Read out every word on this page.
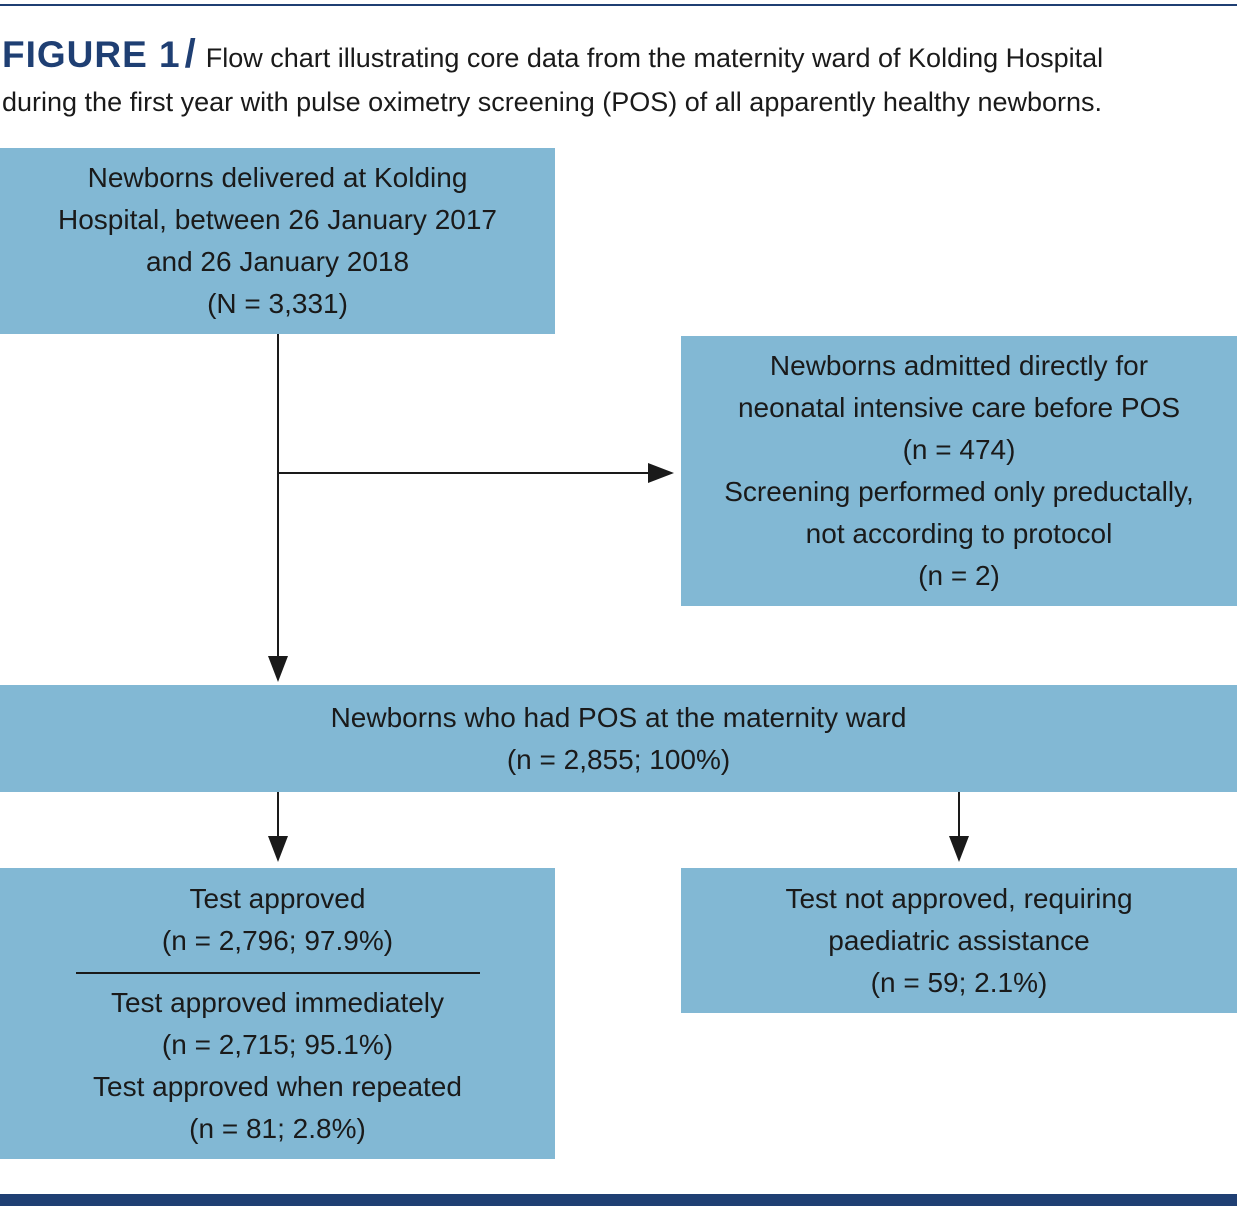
FIGURE 1 / Flow chart illustrating core data from the maternity ward of Kolding Hospital
during the first year with pulse oximetry screening (POS) of all apparently healthy newborns.
Newborns delivered at Kolding
Hospital, between 26 January 2017
and 26 January 2018
(N = 3,331)
Newborns admitted directly for
neonatal intensive care before POS
(n = 474)
Screening performed only preductally,
not according to protocol
(n = 2)
Newborns who had POS at the maternity ward
(n = 2,855; 100%)
Test approved
(n = 2,796; 97.9%)
Test approved immediately
(n = 2,715; 95.1%)
Test approved when repeated
(n = 81; 2.8%)
Test not approved, requiring
paediatric assistance
(n = 59; 2.1%)
